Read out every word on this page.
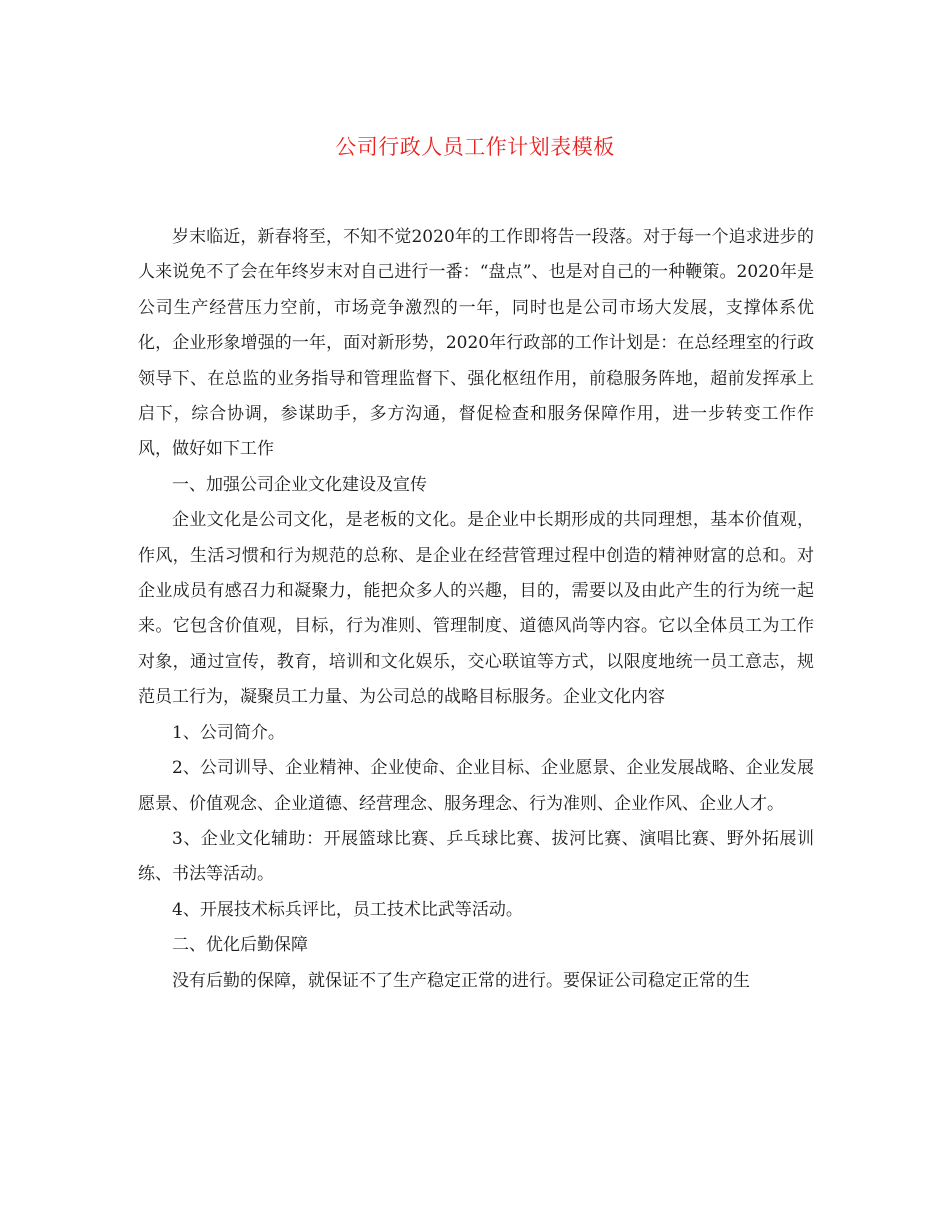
公司行政人员工作计划表模板

岁末临近，新春将至，不知不觉2020年的工作即将告一段落。对于每一个追求进步的人来说免不了会在年终岁末对自己进行一番：“盘点”、也是对自己的一种鞭策。2020年是公司生产经营压力空前，市场竞争激烈的一年，同时也是公司市场大发展，支撑体系优化，企业形象增强的一年，面对新形势，2020年行政部的工作计划是：在总经理室的行政领导下、在总监的业务指导和管理监督下、强化枢纽作用，前稳服务阵地，超前发挥承上启下，综合协调，参谋助手，多方沟通，督促检查和服务保障作用，进一步转变工作作风，做好如下工作

一、加强公司企业文化建设及宣传

企业文化是公司文化，是老板的文化。是企业中长期形成的共同理想，基本价值观，作风，生活习惯和行为规范的总称、是企业在经营管理过程中创造的精神财富的总和。对企业成员有感召力和凝聚力，能把众多人的兴趣，目的，需要以及由此产生的行为统一起来。它包含价值观，目标，行为准则、管理制度、道德风尚等内容。它以全体员工为工作对象，通过宣传，教育，培训和文化娱乐，交心联谊等方式，以限度地统一员工意志，规范员工行为，凝聚员工力量、为公司总的战略目标服务。企业文化内容

1、公司简介。

2、公司训导、企业精神、企业使命、企业目标、企业愿景、企业发展战略、企业发展愿景、价值观念、企业道德、经营理念、服务理念、行为准则、企业作风、企业人才。

3、企业文化辅助：开展篮球比赛、乒乓球比赛、拔河比赛、演唱比赛、野外拓展训练、书法等活动。

4、开展技术标兵评比，员工技术比武等活动。

二、优化后勤保障

没有后勤的保障，就保证不了生产稳定正常的进行。要保证公司稳定正常的生
